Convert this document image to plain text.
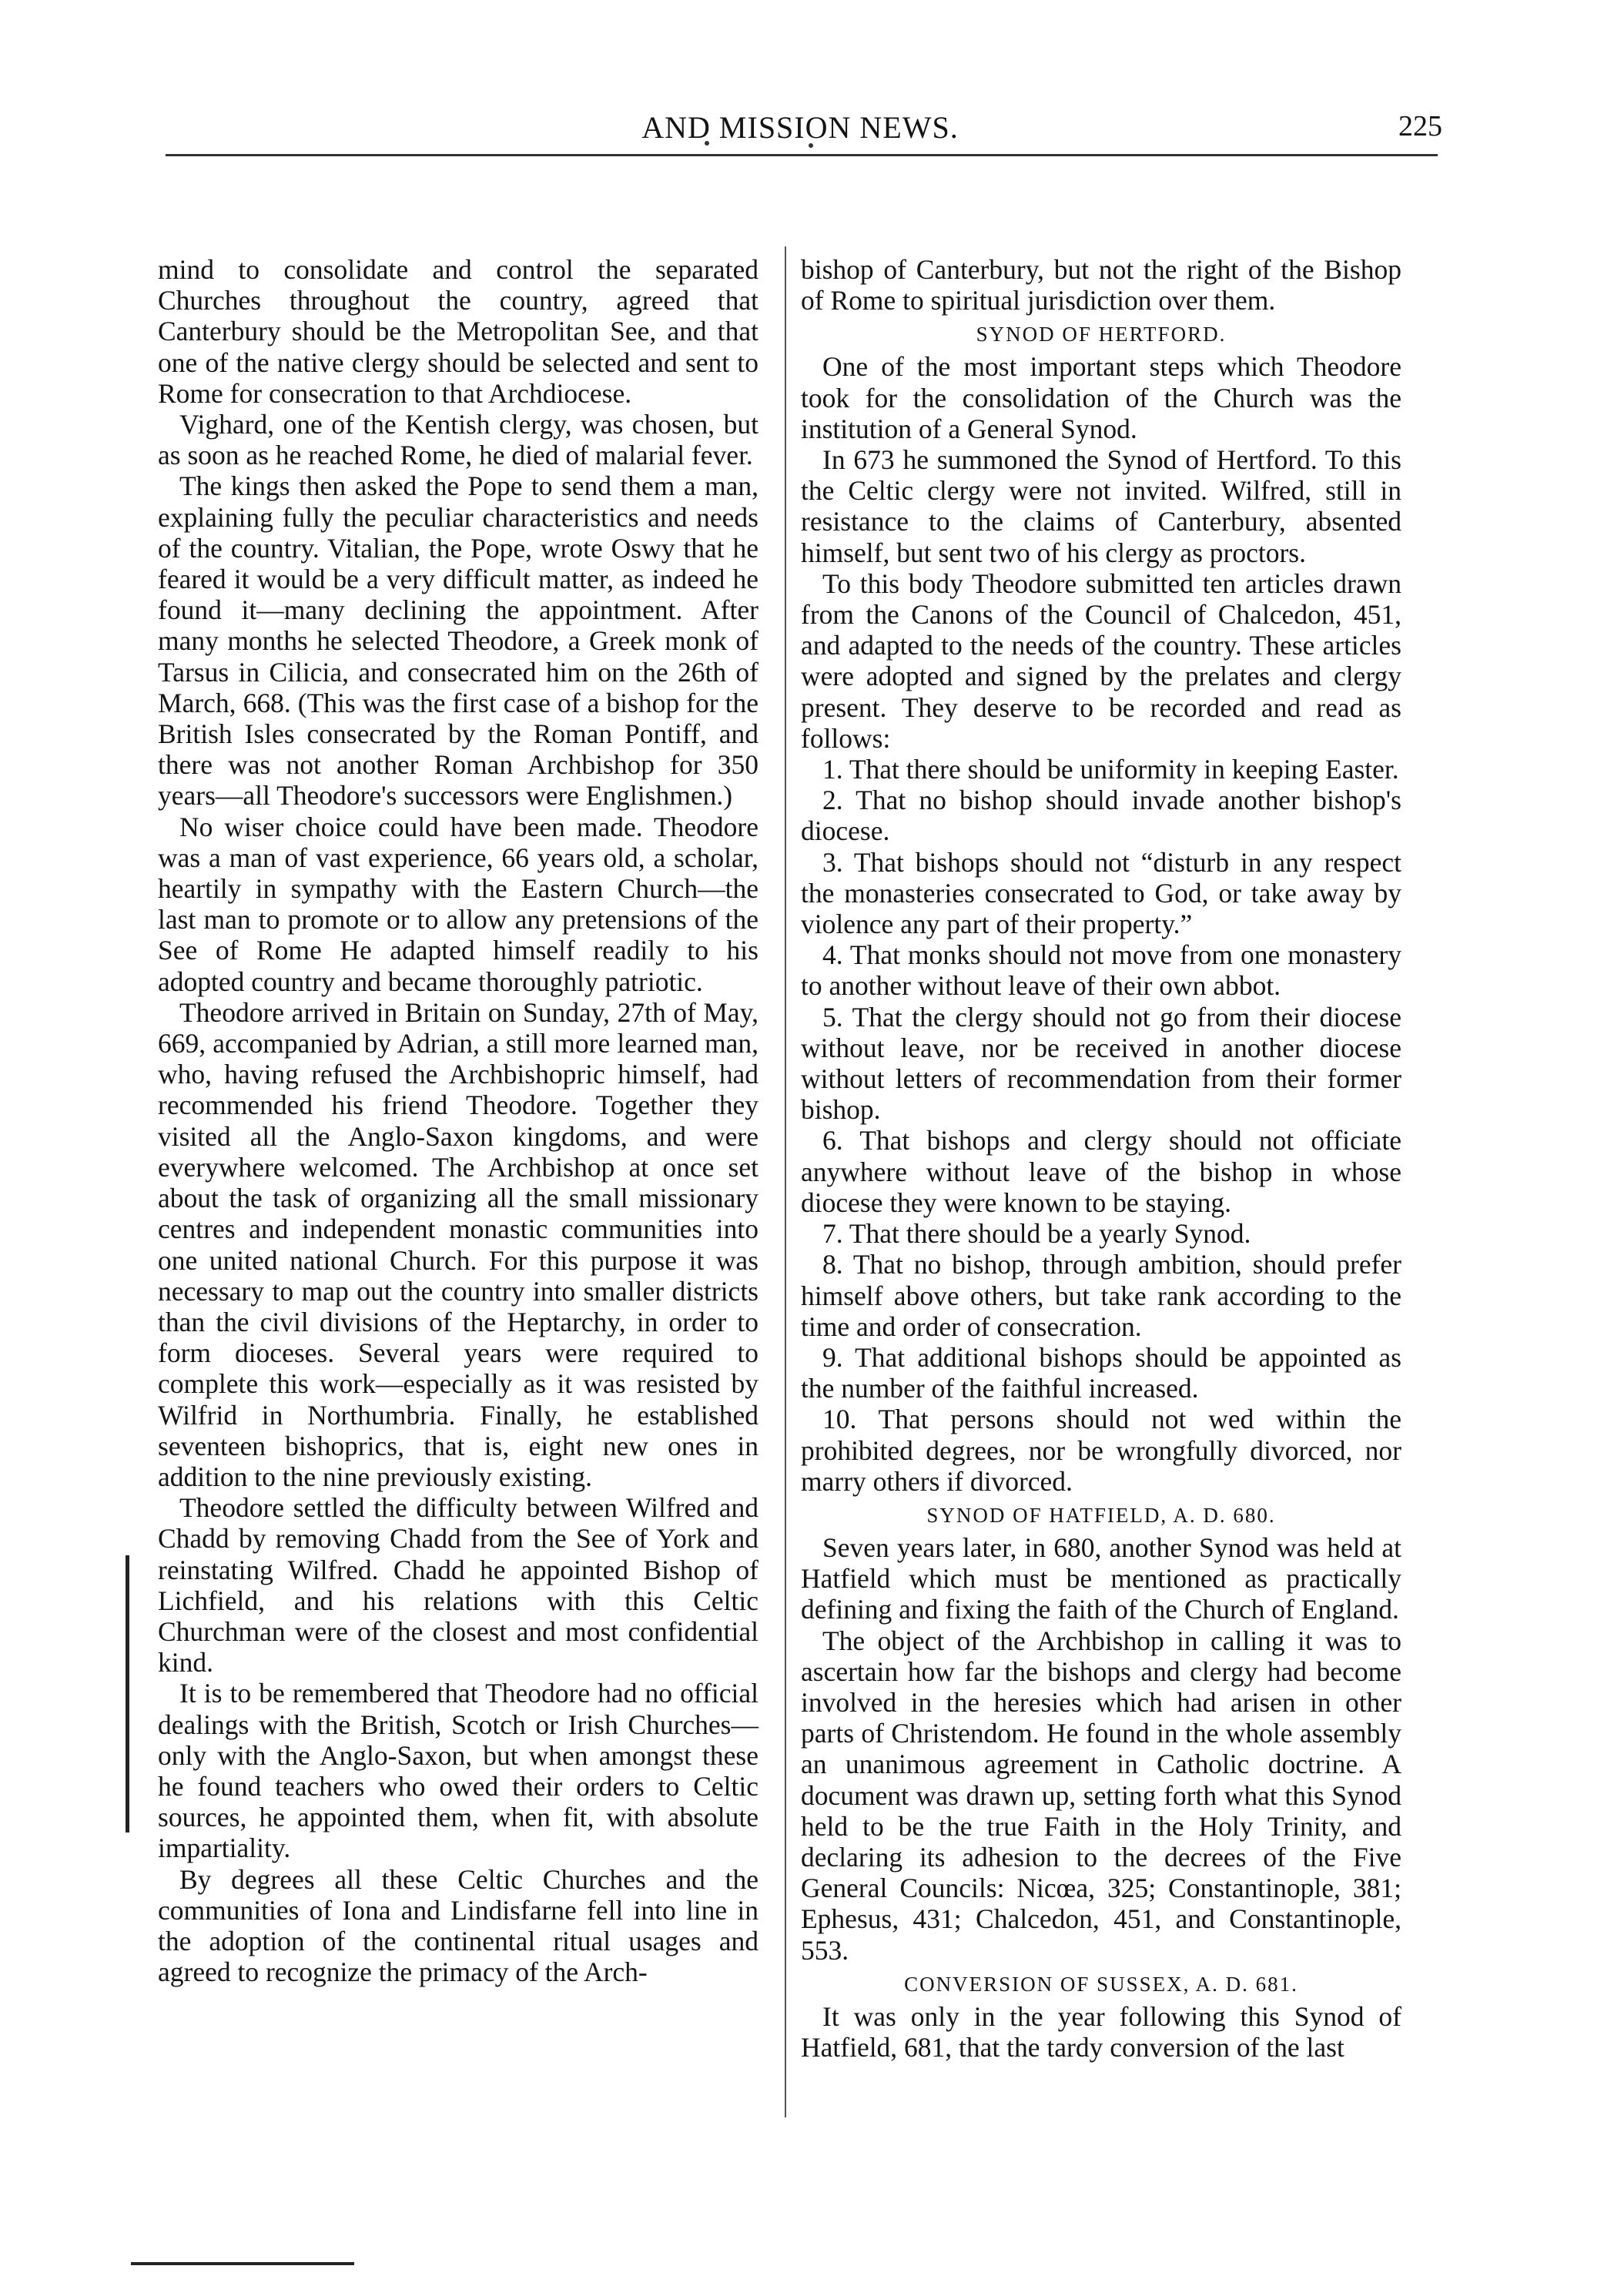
AND MISSION NEWS.	225

mind to consolidate and control the separated Churches throughout the country, agreed that Canterbury should be the Metropolitan See, and that one of the native clergy should be selected and sent to Rome for consecration to that Archdiocese.

Vighard, one of the Kentish clergy, was chosen, but as soon as he reached Rome, he died of malarial fever.

The kings then asked the Pope to send them a man, explaining fully the peculiar characteristics and needs of the country. Vitalian, the Pope, wrote Oswy that he feared it would be a very difficult matter, as indeed he found it—many declining the appointment. After many months he selected Theodore, a Greek monk of Tarsus in Cilicia, and consecrated him on the 26th of March, 668. (This was the first case of a bishop for the British Isles consecrated by the Roman Pontiff, and there was not another Roman Archbishop for 350 years—all Theodore's successors were Englishmen.)

No wiser choice could have been made. Theodore was a man of vast experience, 66 years old, a scholar, heartily in sympathy with the Eastern Church—the last man to promote or to allow any pretensions of the See of Rome He adapted himself readily to his adopted country and became thoroughly patriotic.

Theodore arrived in Britain on Sunday, 27th of May, 669, accompanied by Adrian, a still more learned man, who, having refused the Archbishopric himself, had recommended his friend Theodore. Together they visited all the Anglo-Saxon kingdoms, and were everywhere welcomed. The Archbishop at once set about the task of organizing all the small missionary centres and independent monastic communities into one united national Church. For this purpose it was necessary to map out the country into smaller districts than the civil divisions of the Heptarchy, in order to form dioceses. Several years were required to complete this work—especially as it was resisted by Wilfrid in Northumbria. Finally, he established seventeen bishoprics, that is, eight new ones in addition to the nine previously existing.

Theodore settled the difficulty between Wilfred and Chadd by removing Chadd from the See of York and reinstating Wilfred. Chadd he appointed Bishop of Lichfield, and his relations with this Celtic Churchman were of the closest and most confidential kind.

It is to be remembered that Theodore had no official dealings with the British, Scotch or Irish Churches—only with the Anglo-Saxon, but when amongst these he found teachers who owed their orders to Celtic sources, he appointed them, when fit, with absolute impartiality.

By degrees all these Celtic Churches and the communities of Iona and Lindisfarne fell into line in the adoption of the continental ritual usages and agreed to recognize the primacy of the Arch-

bishop of Canterbury, but not the right of the Bishop of Rome to spiritual jurisdiction over them.

SYNOD OF HERTFORD.

One of the most important steps which Theodore took for the consolidation of the Church was the institution of a General Synod.

In 673 he summoned the Synod of Hertford. To this the Celtic clergy were not invited. Wilfred, still in resistance to the claims of Canterbury, absented himself, but sent two of his clergy as proctors.

To this body Theodore submitted ten articles drawn from the Canons of the Council of Chalcedon, 451, and adapted to the needs of the country. These articles were adopted and signed by the prelates and clergy present. They deserve to be recorded and read as follows:

1. That there should be uniformity in keeping Easter.

2. That no bishop should invade another bishop's diocese.

3. That bishops should not “disturb in any respect the monasteries consecrated to God, or take away by violence any part of their property.”

4. That monks should not move from one monastery to another without leave of their own abbot.

5. That the clergy should not go from their diocese without leave, nor be received in another diocese without letters of recommendation from their former bishop.

6. That bishops and clergy should not officiate anywhere without leave of the bishop in whose diocese they were known to be staying.

7. That there should be a yearly Synod.

8. That no bishop, through ambition, should prefer himself above others, but take rank according to the time and order of consecration.

9. That additional bishops should be appointed as the number of the faithful increased.

10. That persons should not wed within the prohibited degrees, nor be wrongfully divorced, nor marry others if divorced.

SYNOD OF HATFIELD, A. D. 680.

Seven years later, in 680, another Synod was held at Hatfield which must be mentioned as practically defining and fixing the faith of the Church of England.

The object of the Archbishop in calling it was to ascertain how far the bishops and clergy had become involved in the heresies which had arisen in other parts of Christendom. He found in the whole assembly an unanimous agreement in Catholic doctrine. A document was drawn up, setting forth what this Synod held to be the true Faith in the Holy Trinity, and declaring its adhesion to the decrees of the Five General Councils: Nicœa, 325; Constantinople, 381; Ephesus, 431; Chalcedon, 451, and Constantinople, 553.

CONVERSION OF SUSSEX, A. D. 681.

It was only in the year following this Synod of Hatfield, 681, that the tardy conversion of the last
